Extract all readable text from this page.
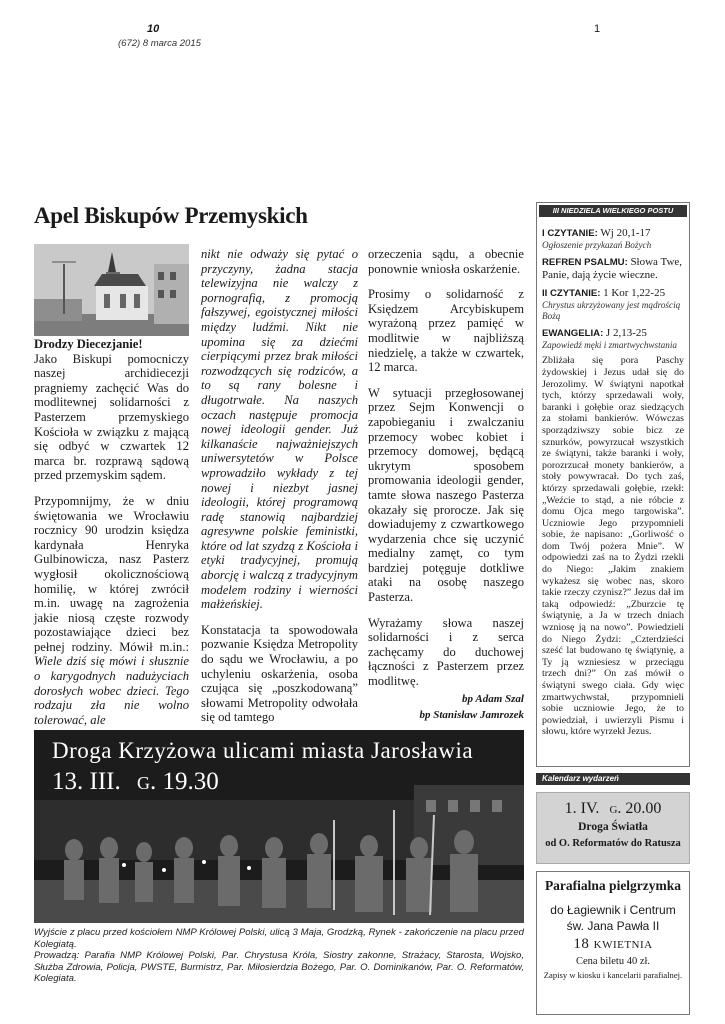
10
(672) 8 marca 2015
1
Apel Biskupów Przemyskich

Drodzy Diecezjanie!

Jako Biskupi pomocniczy naszej archidiecezji pragniemy zachęcić Was do modlitewnej solidarności z Pasterzem przemyskiego Kościoła w związku z mającą się odbyć w czwartek 12 marca br. rozprawą sądową przed przemyskim sądem.

Przypomnijmy, że w dniu świętowania we Wrocławiu rocznicy 90 urodzin księdza kardynała Henryka Gulbinowicza, nasz Pasterz wygłosił okolicznościową homilię, w której zwrócił m.in. uwagę na zagrożenia jakie niosą częste rozwody pozostawiające dzieci bez pełnej rodziny. Mówił m.in.: Wiele dziś się mówi i słusznie o karygodnych nadużyciach dorosłych wobec dzieci. Tego rodzaju zła nie wolno tolerować, ale

nikt nie odważy się pytać o przyczyny, żadna stacja telewizyjna nie walczy z pornografią, z promocją fałszywej, egoistycznej miłości między ludźmi. Nikt nie upomina się za dziećmi cierpiącymi przez brak miłości rozwodzących się rodziców, a to są rany bolesne i długotrwałe. Na naszych oczach następuje promocja nowej ideologii gender. Już kilkanaście najważniejszych uniwersytetów w Polsce wprowadziło wykłady z tej nowej i niezbyt jasnej ideologii, której programową radę stanowią najbardziej agresywne polskie feministki, które od lat szydzą z Kościoła i etyki tradycyjnej, promują aborcję i walczą z tradycyjnym modelem rodziny i wierności małżeńskiej.

Konstatacja ta spowodowała pozwanie Księdza Metropolity do sądu we Wrocławiu, a po uchyleniu oskarżenia, osoba czująca się „poszkodowaną” słowami Metropolity odwołała się od tamtego

orzeczenia sądu, a obecnie ponownie wniosła oskarżenie.

Prosimy o solidarność z Księdzem Arcybiskupem wyrażoną przez pamięć w modlitwie w najbliższą niedzielę, a także w czwartek, 12 marca.

W sytuacji przegłosowanej przez Sejm Konwencji o zapobieganiu i zwalczaniu przemocy wobec kobiet i przemocy domowej, będącą ukrytym sposobem promowania ideologii gender, tamte słowa naszego Pasterza okazały się proroczе. Jak się dowiadujemy z czwartkowego wydarzenia chce się uczynić medialny zamęt, co tym bardziej potęguje dotkliwe ataki na osobę naszego Pasterza.

Wyrażamy słowa naszej solidarności i z serca zachęcamy do duchowej łączności z Pasterzem przez modlitwę.

bp Adam Szal
bp Stanisław Jamrozek
Droga Krzyżowa ulicami miasta Jarosławia
13. III. g. 19.30
Wyjście z placu przed kościołem NMP Królowej Polski, ulicą 3 Maja, Grodzką, Rynek - zakończenie na placu przed Kolegiatą.
Prowadzą: Parafia NMP Królowej Polski, Par. Chrystusa Króla, Siostry zakonne, Strażacy, Starosta, Wojsko, Służba Zdrowia, Policja, PWSTE, Burmistrz, Par. Miłosierdzia Bożego, Par. O. Dominikanów, Par. O. Reformatów, Kolegiata.
III NIEDZIELA WIELKIEGO POSTU
I CZYTANIE: Wj 20,1-17
Ogłoszenie przykazań Bożych
REFREN PSALMU: Słowa Twe, Panie, dają życie wieczne.
II CZYTANIE: 1 Kor 1,22-25
Chrystus ukrzyżowany jest mądrością Bożą
EWANGELIA: J 2,13-25
Zapowiedź męki i zmartwychwstania
Zbliżała się pora Paschy żydowskiej i Jezus udał się do Jerozolimy. W świątyni napotkał tych, którzy sprzedawali woły, baranki i gołębie oraz siedzących za stołami bankierów. Wówczas sporządziwszy sobie bicz ze sznurków, powyrzucał wszystkich ze świątyni, także baranki i woły, porozrzucał monety bankierów, a stoły powywracał. Do tych zaś, którzy sprzedawali gołębie, rzekł: „Weźcie to stąd, a nie róbcie z domu Ojca mego targowiska”. Uczniowie Jego przypomnieli sobie, że napisano: „Gorliwość o dom Twój pożera Mnie”. W odpowiedzi zaś na to Żydzi rzekli do Niego: „Jakim znakiem wykażesz się wobec nas, skoro takie rzeczy czynisz?” Jezus dał im taką odpowiedź: „Zburzcie tę świątynię, a Ja w trzech dniach wzniosę ją na nowo”. Powiedzieli do Niego Żydzi: „Czterdzieści sześć lat budowano tę świątynię, a Ty ją wzniesiesz w przeciągu trzech dni?” On zaś mówił o świątyni swego ciała. Gdy więc zmartwychwstał, przypomnieli sobie uczniowie Jego, że to powiedział, i uwierzyli Pismu i słowu, które wyrzekł Jezus.
Kalendarz wydarzeń
1. IV. g. 20.00
Droga Światła
od O. Reformatów do Ratusza
Parafialna pielgrzymka
do Łagiewnik i Centrum
św. Jana Pawła II
18 kwietnia
Cena biletu 40 zł.
Zapisy w kiosku i kancelarii parafialnej.
